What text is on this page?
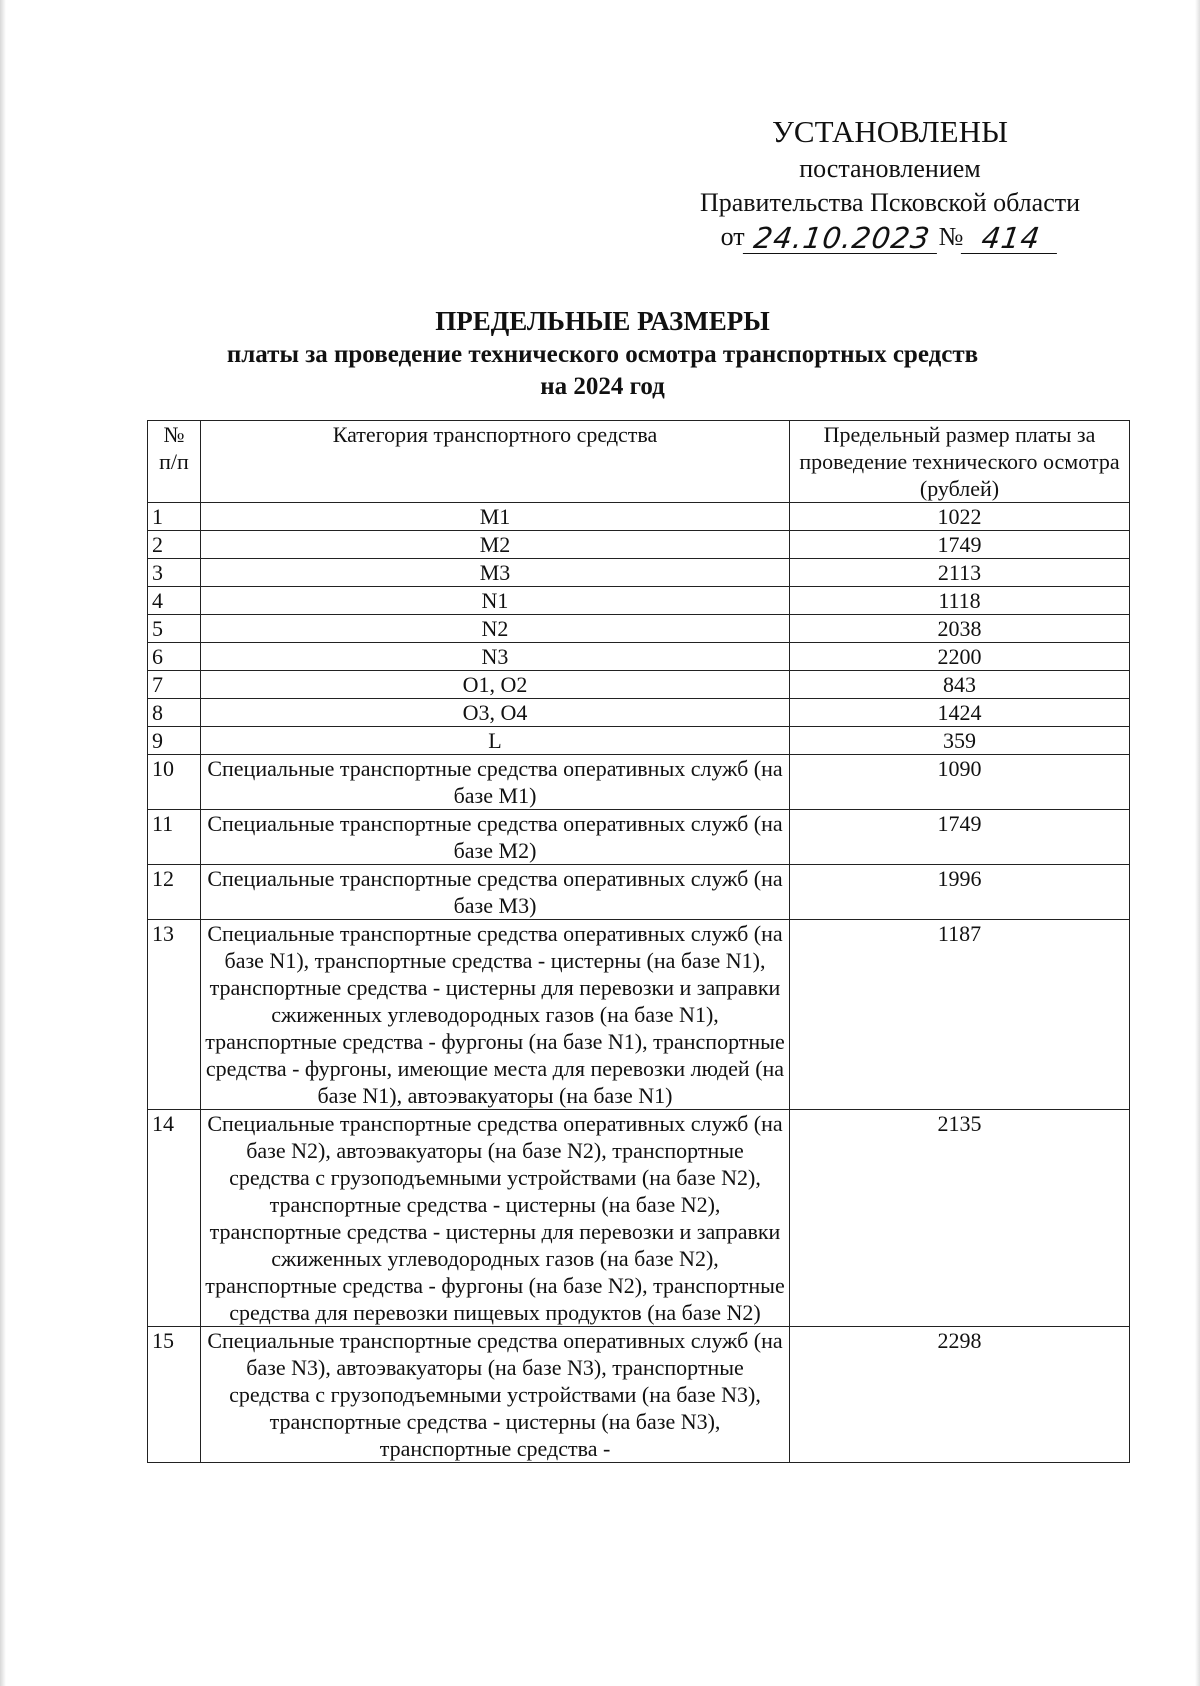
УСТАНОВЛЕНЫ
постановлением
Правительства Псковской области
от 24.10.2023 № 414
ПРЕДЕЛЬНЫЕ РАЗМЕРЫ
платы за проведение технического осмотра транспортных средств
на 2024 год
№ п/п	Категория транспортного средства	Предельный размер платы за проведение технического осмотра (рублей)
1	M1	1022
2	M2	1749
3	M3	2113
4	N1	1118
5	N2	2038
6	N3	2200
7	O1, O2	843
8	O3, O4	1424
9	L	359
10	Специальные транспортные средства оперативных служб (на базе M1)	1090
11	Специальные транспортные средства оперативных служб (на базе M2)	1749
12	Специальные транспортные средства оперативных служб (на базе M3)	1996
13	Специальные транспортные средства оперативных служб (на базе N1), транспортные средства - цистерны (на базе N1), транспортные средства - цистерны для перевозки и заправки сжиженных углеводородных газов (на базе N1), транспортные средства - фургоны (на базе N1), транспортные средства - фургоны, имеющие места для перевозки людей (на базе N1), автоэвакуаторы (на базе N1)	1187
14	Специальные транспортные средства оперативных служб (на базе N2), автоэвакуаторы (на базе N2), транспортные средства с грузоподъемными устройствами (на базе N2), транспортные средства - цистерны (на базе N2), транспортные средства - цистерны для перевозки и заправки сжиженных углеводородных газов (на базе N2), транспортные средства - фургоны (на базе N2), транспортные средства для перевозки пищевых продуктов (на базе N2)	2135
15	Специальные транспортные средства оперативных служб (на базе N3), автоэвакуаторы (на базе N3), транспортные средства с грузоподъемными устройствами (на базе N3), транспортные средства - цистерны (на базе N3), транспортные средства -	2298
